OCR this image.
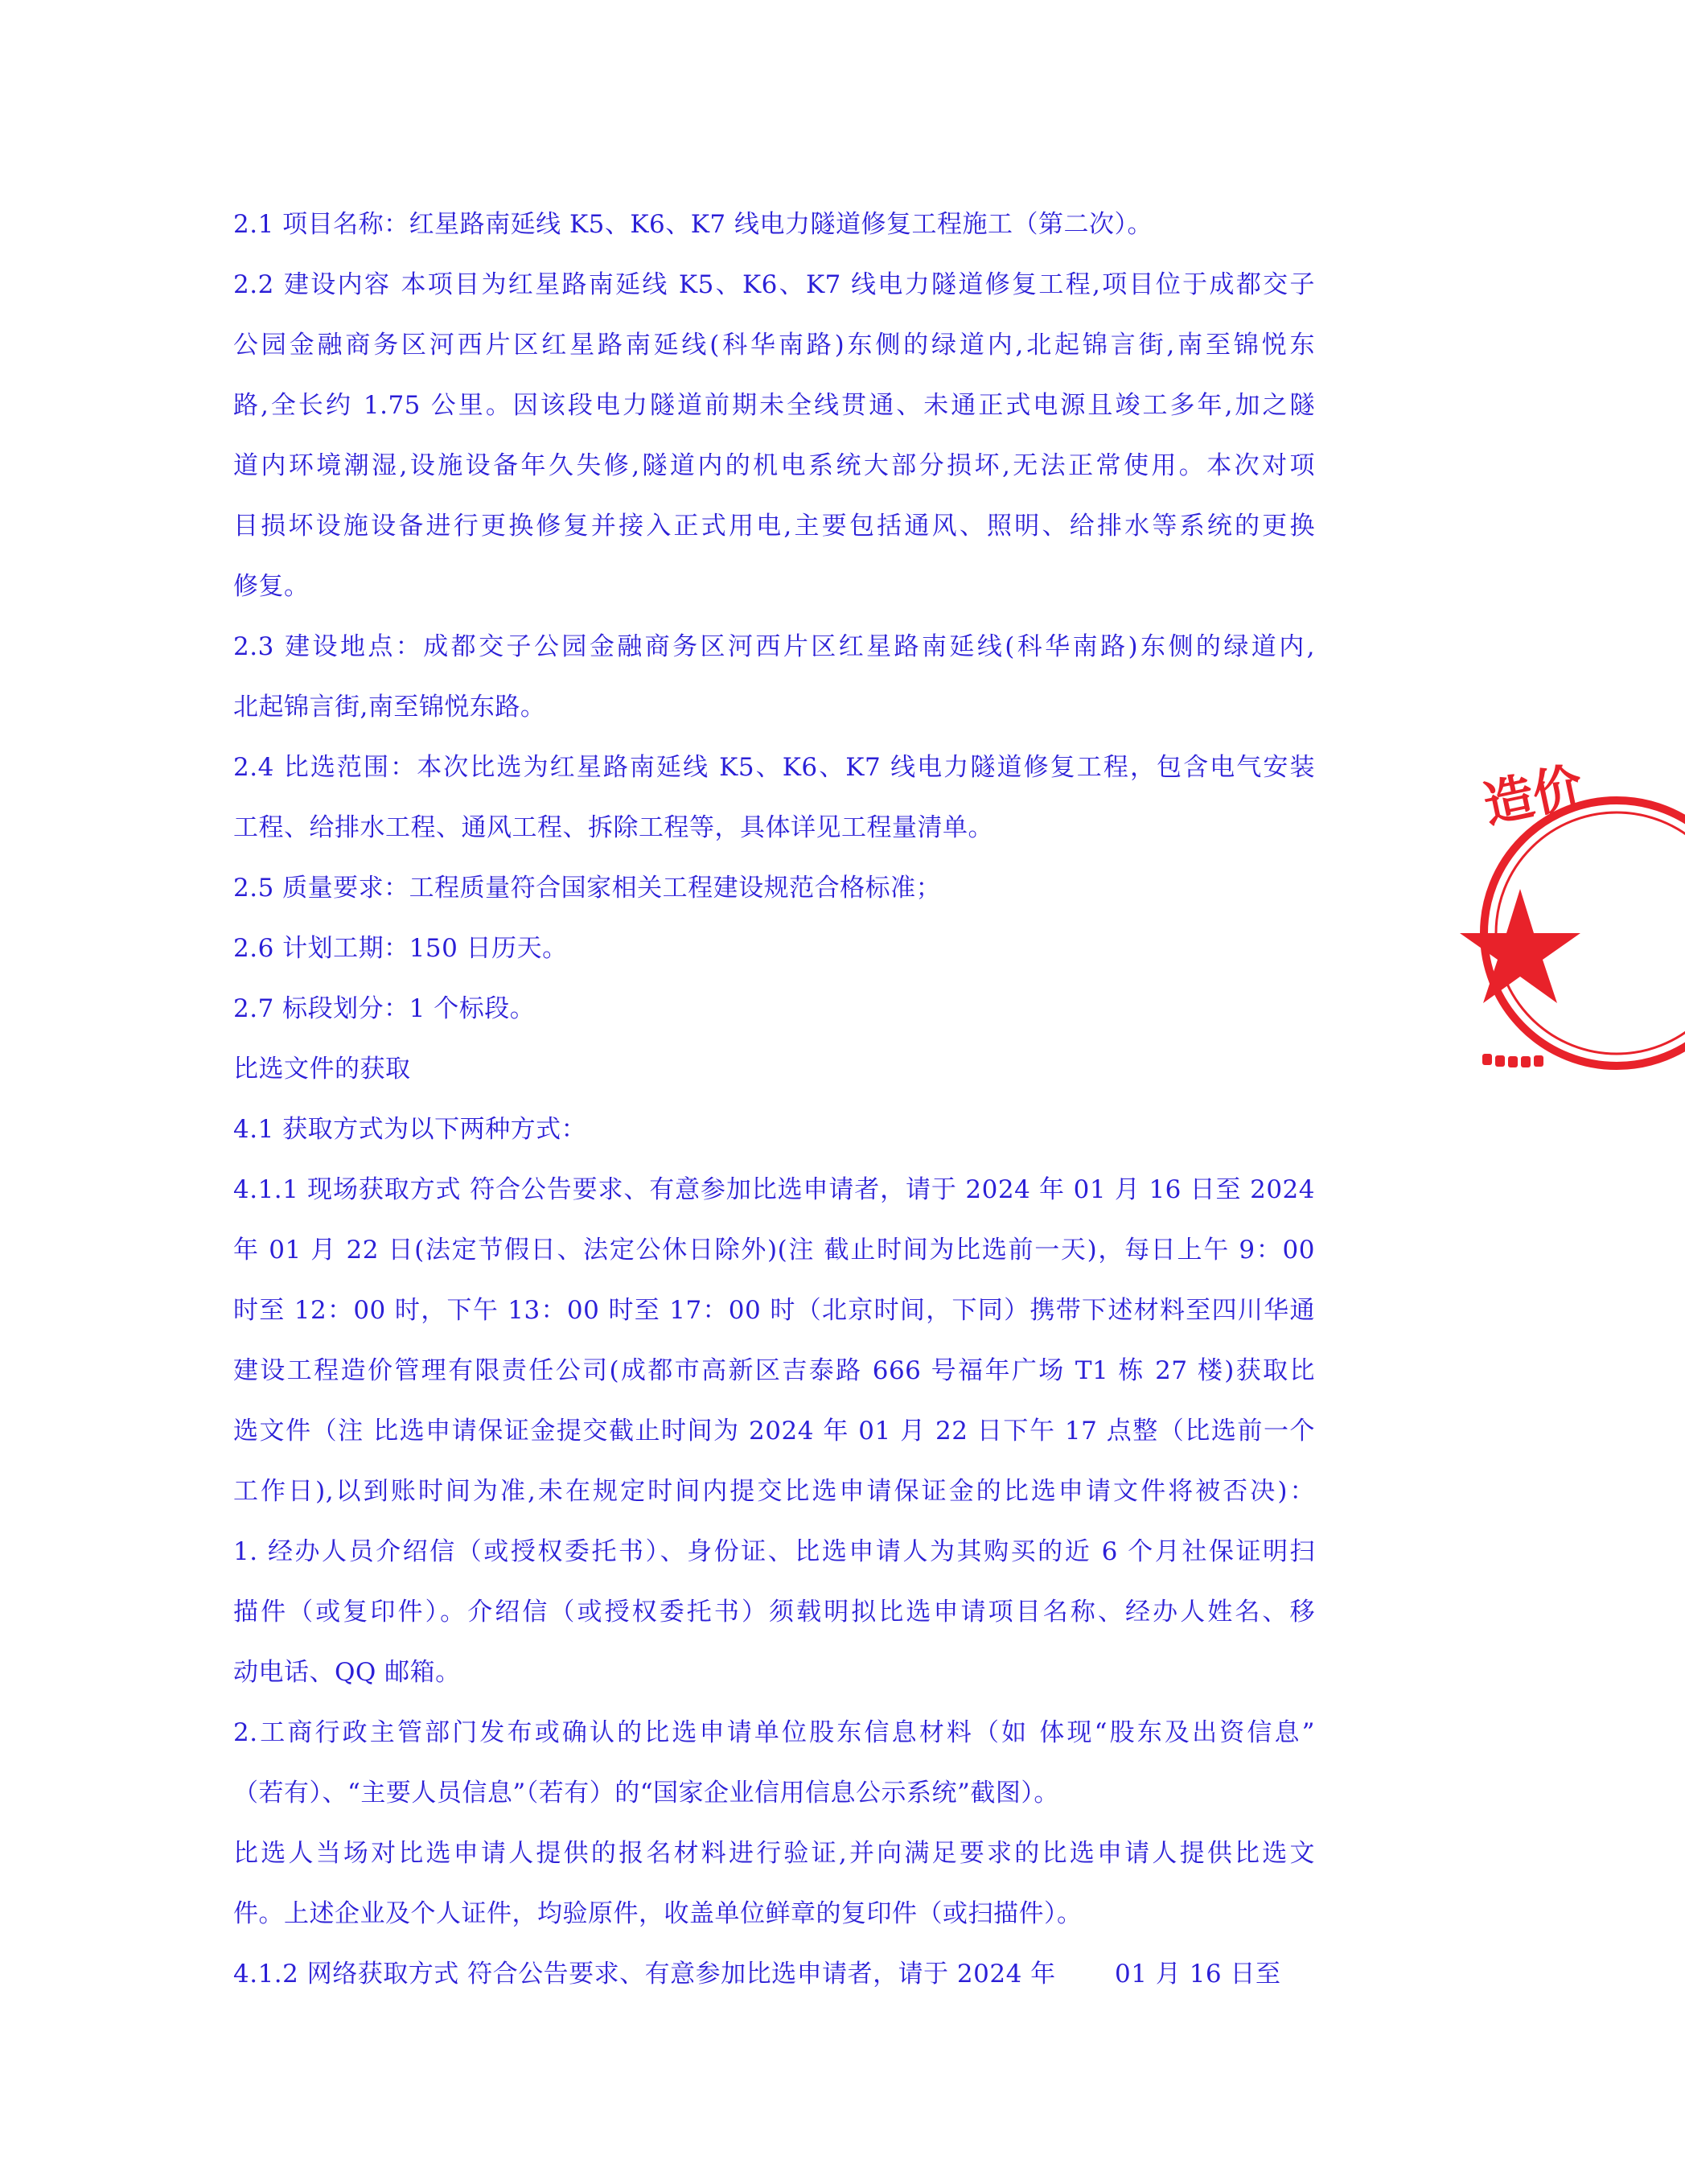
2.1 项目名称：红星路南延线 K5、K6、K7 线电力隧道修复工程施工（第二次）。
2.2 建设内容 本项目为红星路南延线 K5、K6、K7 线电力隧道修复工程,项目位于成都交子
公园金融商务区河西片区红星路南延线(科华南路)东侧的绿道内,北起锦言街,南至锦悦东
路,全长约 1.75 公里。因该段电力隧道前期未全线贯通、未通正式电源且竣工多年,加之隧
道内环境潮湿,设施设备年久失修,隧道内的机电系统大部分损坏,无法正常使用。本次对项
目损坏设施设备进行更换修复并接入正式用电,主要包括通风、照明、给排水等系统的更换
修复。
2.3 建设地点：成都交子公园金融商务区河西片区红星路南延线(科华南路)东侧的绿道内,
北起锦言街,南至锦悦东路。
2.4 比选范围：本次比选为红星路南延线 K5、K6、K7 线电力隧道修复工程，包含电气安装
工程、给排水工程、通风工程、拆除工程等，具体详见工程量清单。
2.5 质量要求：工程质量符合国家相关工程建设规范合格标准；
2.6 计划工期：150 日历天。
2.7 标段划分：1 个标段。
比选文件的获取
4.1 获取方式为以下两种方式：
4.1.1 现场获取方式 符合公告要求、有意参加比选申请者，请于 2024 年 01 月 16 日至 2024
年 01 月 22 日(法定节假日、法定公休日除外)(注 截止时间为比选前一天)，每日上午 9：00
时至 12：00 时，下午 13：00 时至 17：00 时（北京时间，下同）携带下述材料至四川华通
建设工程造价管理有限责任公司(成都市高新区吉泰路 666 号福年广场 T1 栋 27 楼)获取比
选文件（注 比选申请保证金提交截止时间为 2024 年 01 月 22 日下午 17 点整（比选前一个
工作日),以到账时间为准,未在规定时间内提交比选申请保证金的比选申请文件将被否决)：
1. 经办人员介绍信（或授权委托书）、身份证、比选申请人为其购买的近 6 个月社保证明扫
描件（或复印件）。介绍信（或授权委托书）须载明拟比选申请项目名称、经办人姓名、移
动电话、QQ 邮箱。
2.工商行政主管部门发布或确认的比选申请单位股东信息材料（如 体现“股东及出资信息”
（若有）、“主要人员信息”（若有）的“国家企业信用信息公示系统”截图）。
比选人当场对比选申请人提供的报名材料进行验证,并向满足要求的比选申请人提供比选文
件。上述企业及个人证件，均验原件，收盖单位鲜章的复印件（或扫描件）。
4.1.2 网络获取方式 符合公告要求、有意参加比选申请者，请于 2024 年　　 01 月 16 日至
造价
